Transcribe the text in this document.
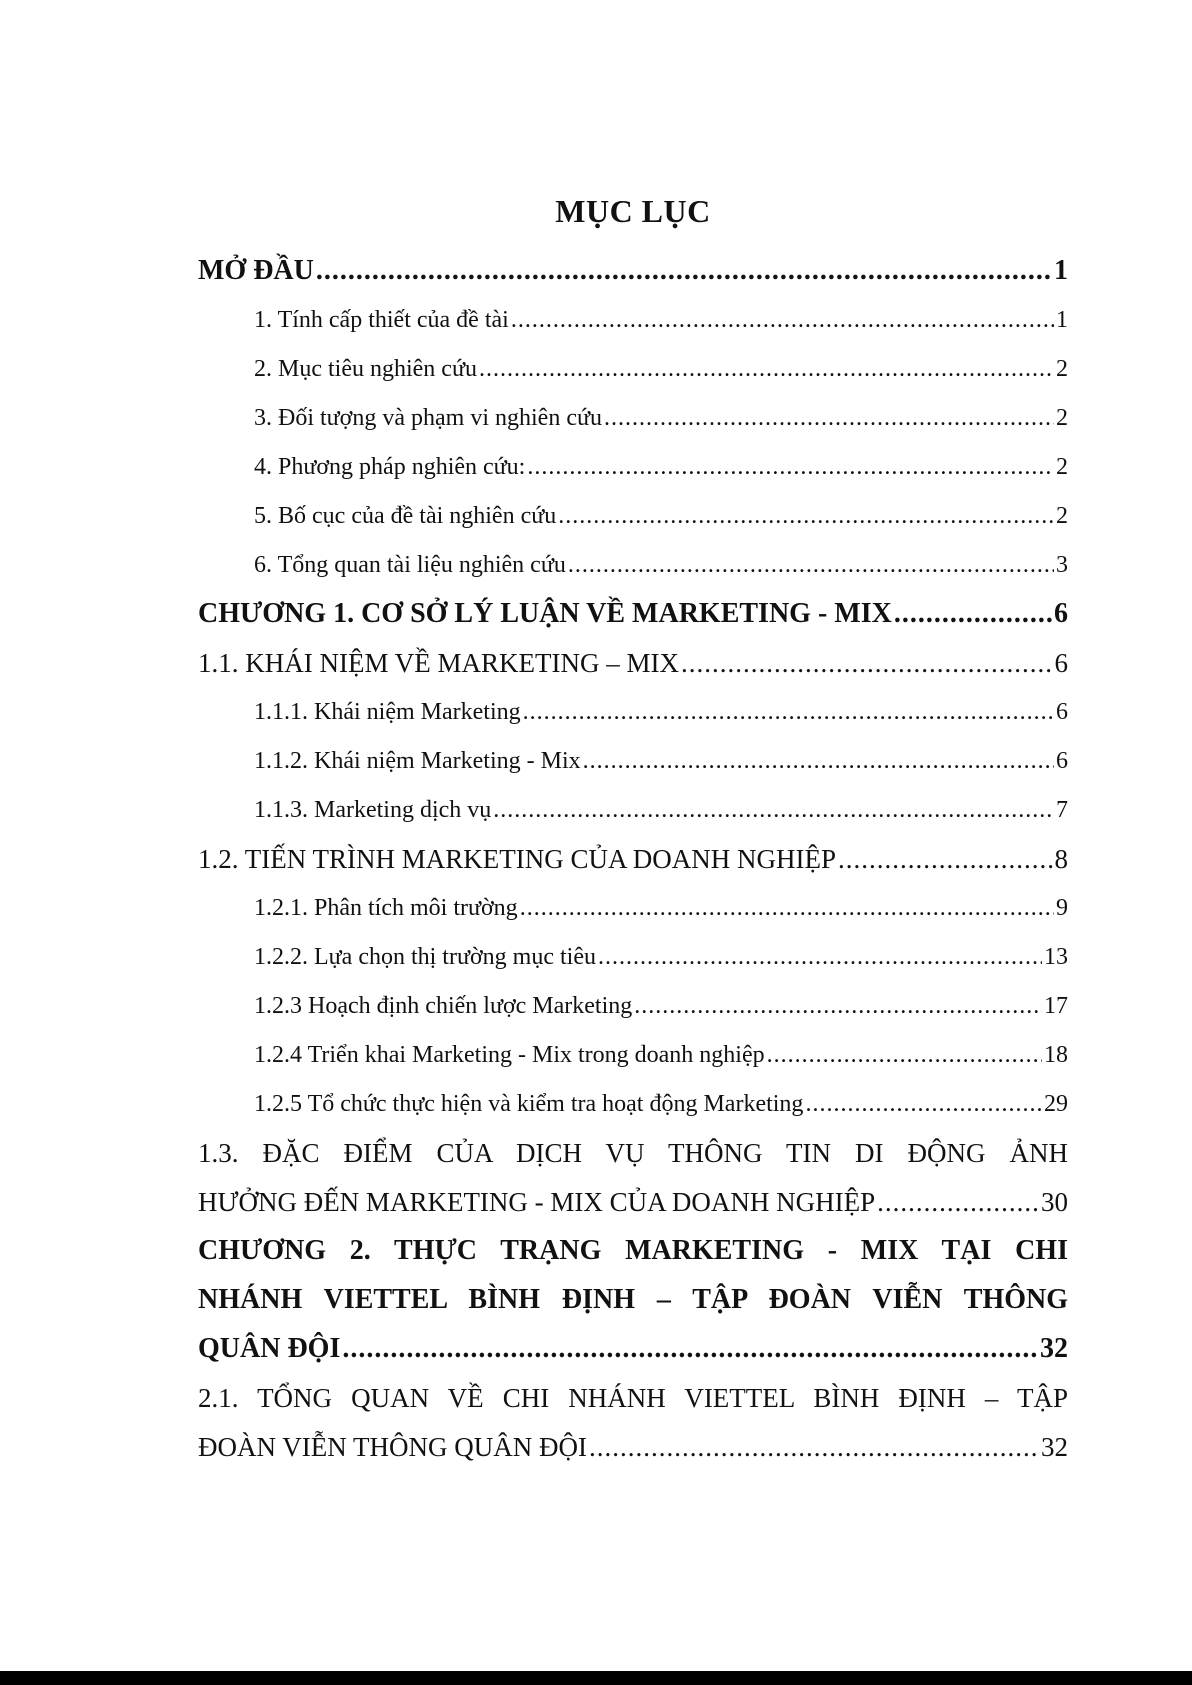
MỤC LỤC
MỞ ĐẦU .....	1
1. Tính cấp thiết của đề tài .....	1
2. Mục tiêu nghiên cứu .....	2
3. Đối tượng và phạm vi nghiên cứu .....	2
4. Phương pháp nghiên cứu: .....	2
5. Bố cục của đề tài nghiên cứu .....	2
6. Tổng quan tài liệu nghiên cứu .....	3
CHƯƠNG 1. CƠ SỞ LÝ LUẬN VỀ MARKETING - MIX .....	6
1.1. KHÁI NIỆM VỀ MARKETING – MIX .....	6
1.1.1. Khái niệm Marketing .....	6
1.1.2. Khái niệm Marketing - Mix .....	6
1.1.3. Marketing dịch vụ .....	7
1.2. TIẾN TRÌNH MARKETING CỦA DOANH NGHIỆP .....	8
1.2.1. Phân tích môi trường .....	9
1.2.2. Lựa chọn thị trường mục tiêu .....	13
1.2.3 Hoạch định chiến lược Marketing .....	17
1.2.4 Triển khai Marketing - Mix trong doanh nghiệp .....	18
1.2.5 Tổ chức thực hiện và kiểm tra hoạt động Marketing .....	29
1.3. ĐẶC ĐIỂM CỦA DỊCH VỤ THÔNG TIN DI ĐỘNG ẢNH
HƯỞNG ĐẾN MARKETING - MIX CỦA DOANH NGHIỆP .....	30
CHƯƠNG 2. THỰC TRẠNG MARKETING - MIX TẠI CHI
NHÁNH VIETTEL BÌNH ĐỊNH – TẬP ĐOÀN VIỄN THÔNG
QUÂN ĐỘI .....	32
2.1. TỔNG QUAN VỀ CHI NHÁNH VIETTEL BÌNH ĐỊNH – TẬP
ĐOÀN VIỄN THÔNG QUÂN ĐỘI .....	32
